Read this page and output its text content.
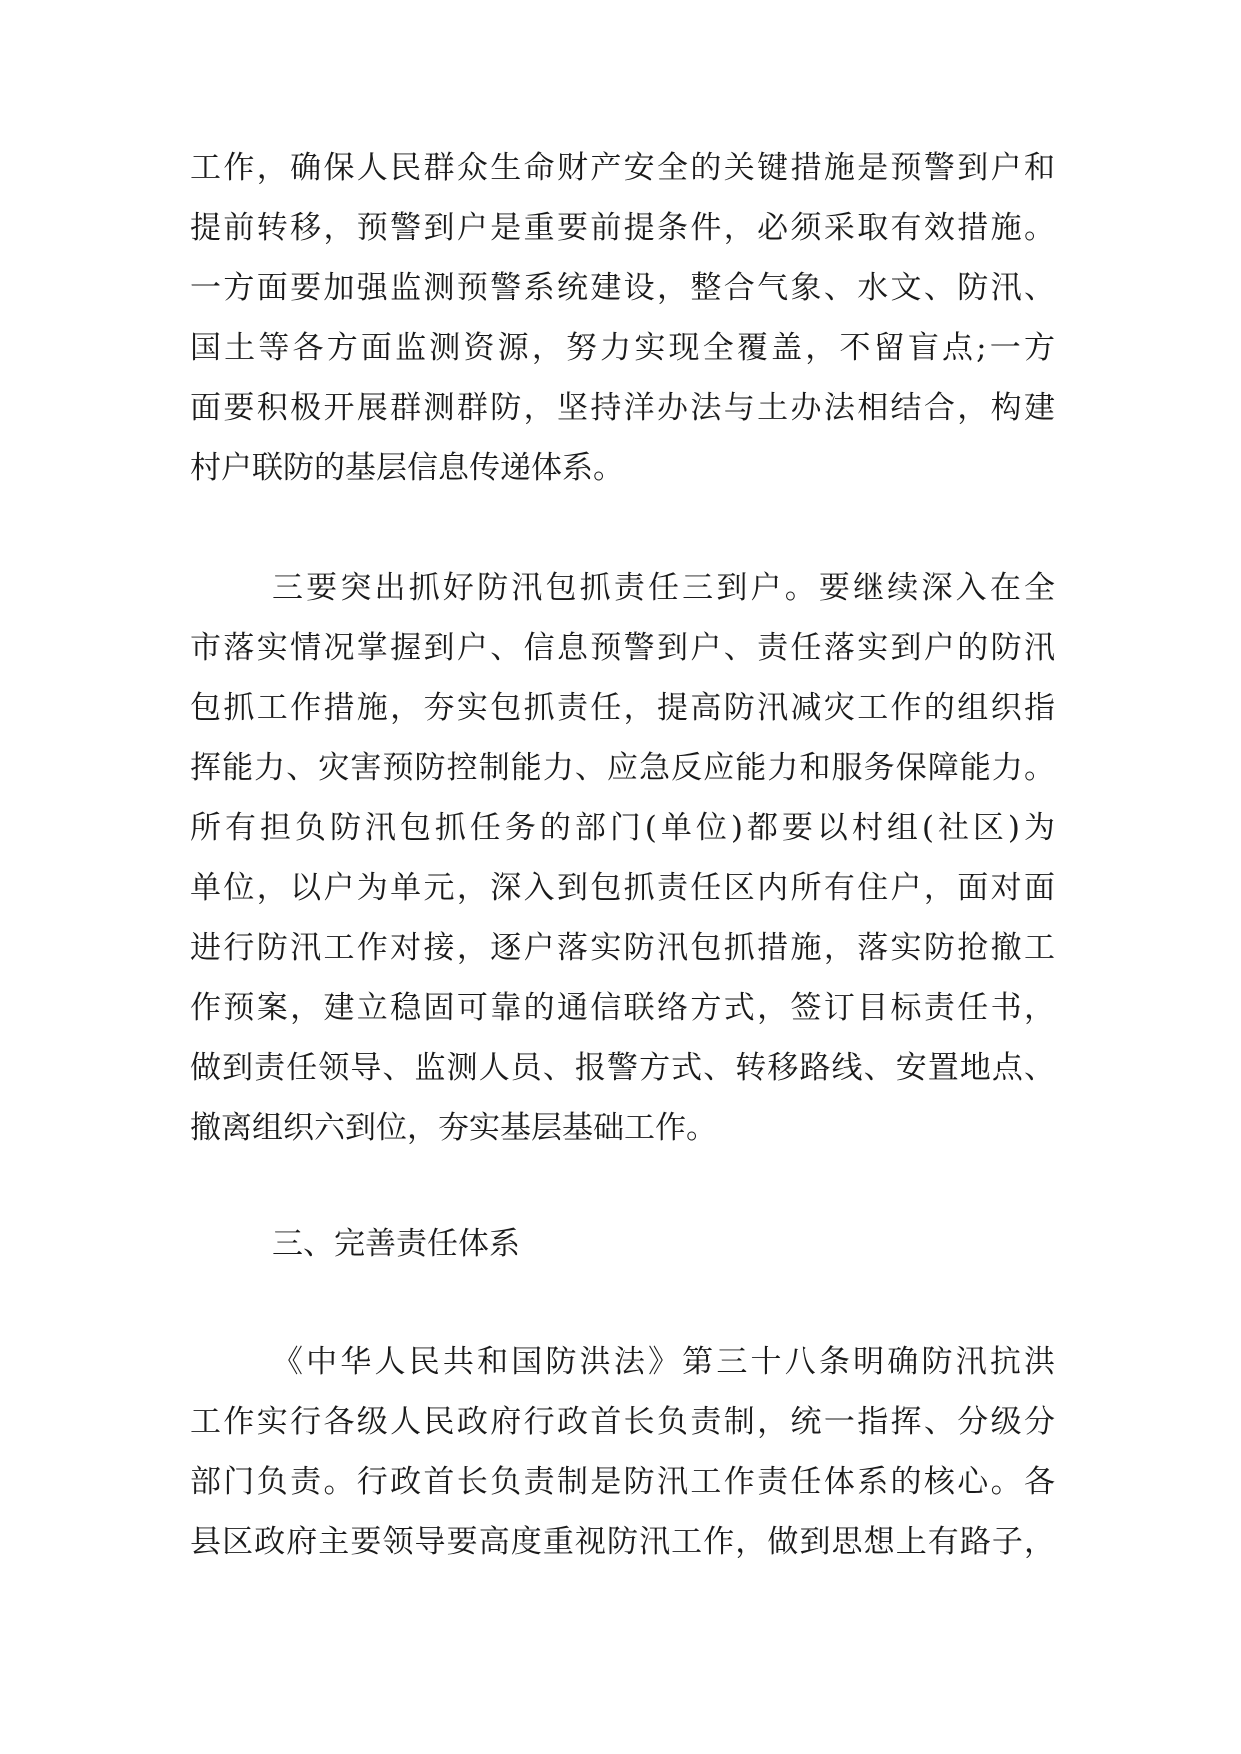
工作，确保人民群众生命财产安全的关键措施是预警到户和
提前转移，预警到户是重要前提条件，必须采取有效措施。
一方面要加强监测预警系统建设，整合气象、水文、防汛、
国土等各方面监测资源，努力实现全覆盖，不留盲点;一方
面要积极开展群测群防，坚持洋办法与土办法相结合，构建
村户联防的基层信息传递体系。
三要突出抓好防汛包抓责任三到户。要继续深入在全
市落实情况掌握到户、信息预警到户、责任落实到户的防汛
包抓工作措施，夯实包抓责任，提高防汛减灾工作的组织指
挥能力、灾害预防控制能力、应急反应能力和服务保障能力。
所有担负防汛包抓任务的部门(单位)都要以村组(社区)为
单位，以户为单元，深入到包抓责任区内所有住户，面对面
进行防汛工作对接，逐户落实防汛包抓措施，落实防抢撤工
作预案，建立稳固可靠的通信联络方式，签订目标责任书，
做到责任领导、监测人员、报警方式、转移路线、安置地点、
撤离组织六到位，夯实基层基础工作。
三、完善责任体系
《中华人民共和国防洪法》第三十八条明确防汛抗洪
工作实行各级人民政府行政首长负责制，统一指挥、分级分
部门负责。行政首长负责制是防汛工作责任体系的核心。各
县区政府主要领导要高度重视防汛工作，做到思想上有路子，
